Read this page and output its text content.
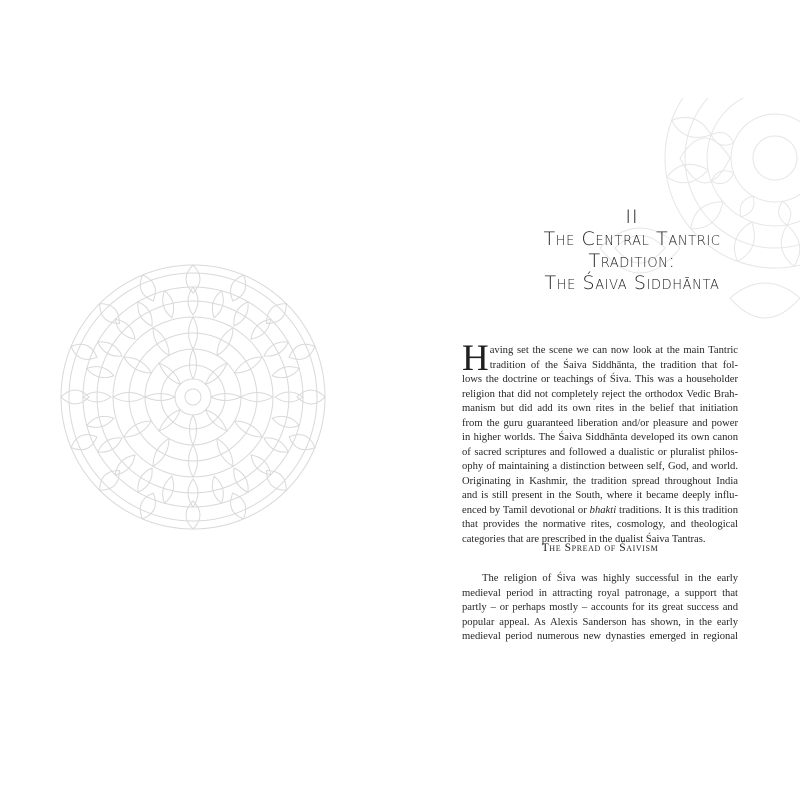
II
The Central Tantric
Tradition:
The Śaiva Siddhānta
H aving set the scene we can now look at the main Tantric
tradition of the Śaiva Siddhānta, the tradition that fol-
lows the doctrine or teachings of Śiva. This was a householder
religion that did not completely reject the orthodox Vedic Brah-
manism but did add its own rites in the belief that initiation
from the guru guaranteed liberation and/or pleasure and power
in higher worlds. The Śaiva Siddhānta developed its own canon
of sacred scriptures and followed a dualistic or pluralist philos-
ophy of maintaining a distinction between self, God, and world.
Originating in Kashmir, the tradition spread throughout India
and is still present in the South, where it became deeply influ-
enced by Tamil devotional or bhakti traditions. It is this tradition
that provides the normative rites, cosmology, and theological
categories that are prescribed in the dualist Śaiva Tantras.
The Spread of Śaivism
The religion of Śiva was highly successful in the early
medieval period in attracting royal patronage, a support that
partly – or perhaps mostly – accounts for its great success and
popular appeal. As Alexis Sanderson has shown, in the early
medieval period numerous new dynasties emerged in regional
